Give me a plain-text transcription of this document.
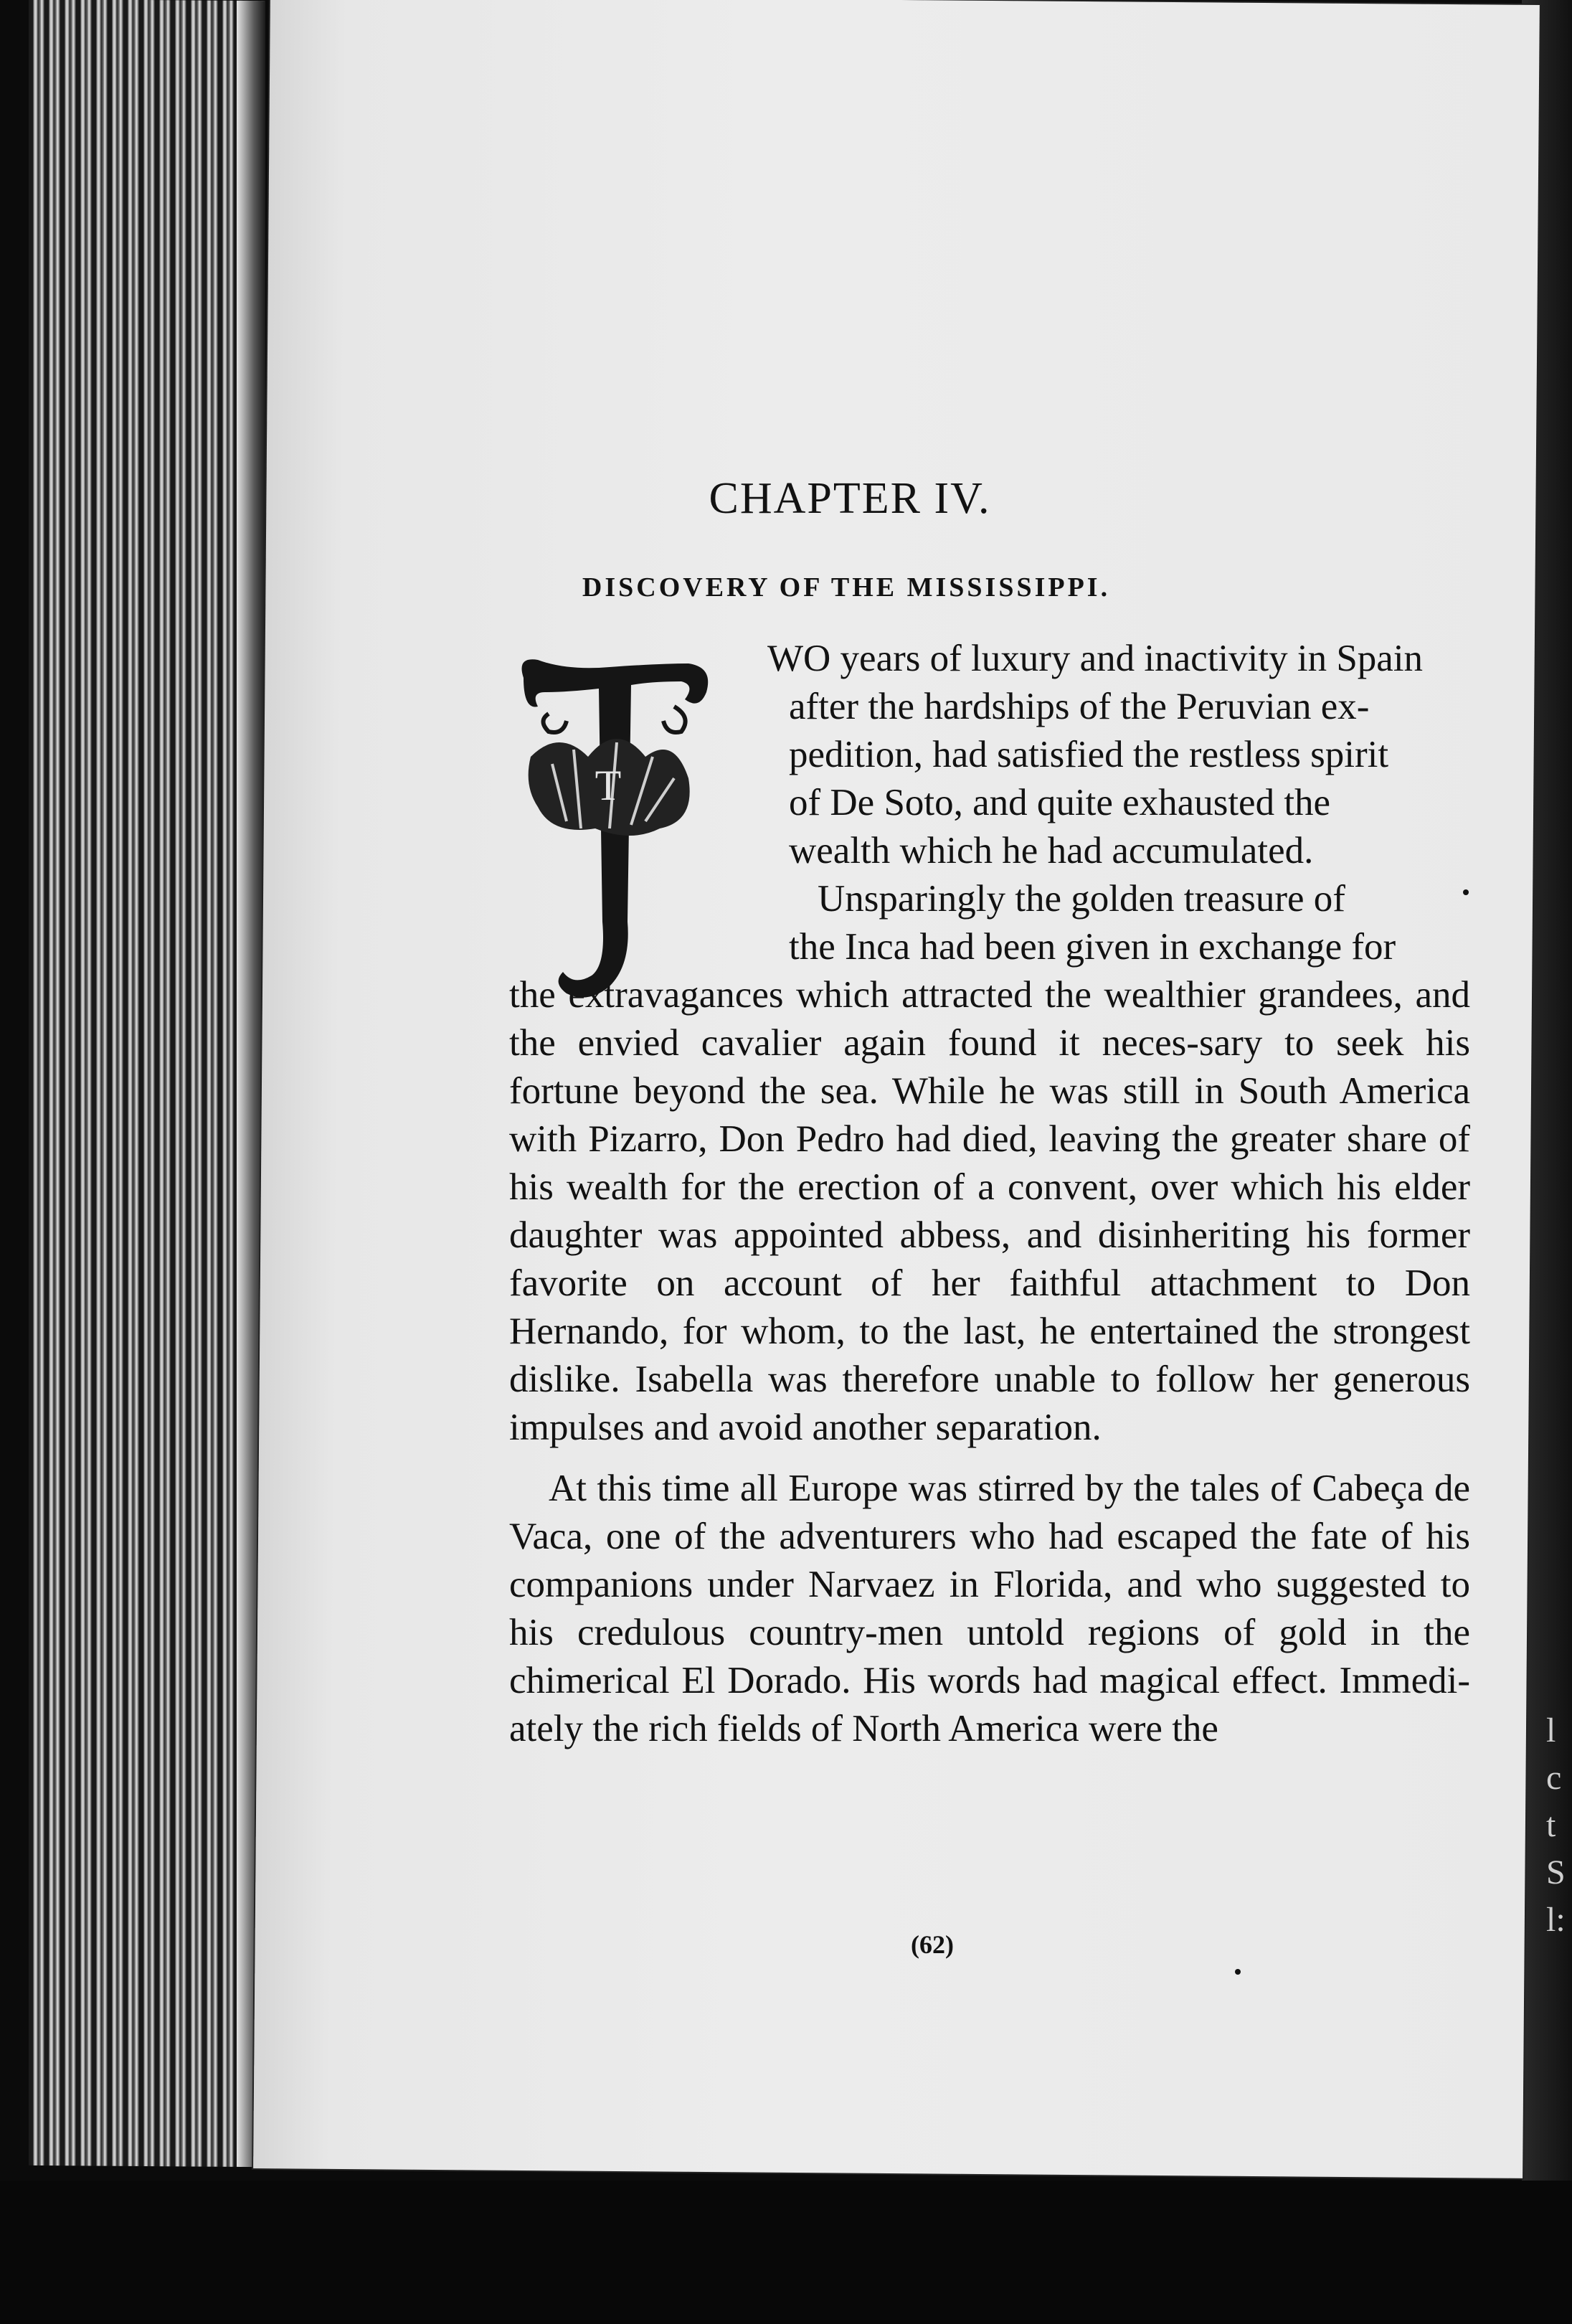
l
c
t
S
l:
CHAPTER IV.
DISCOVERY OF THE MISSISSIPPI.
T
WO years of luxury and inactivity in Spain
after the hardships of the Peruvian ex-
pedition, had satisfied the restless spirit
of De Soto, and quite exhausted the
wealth which he had accumulated.
Unsparingly the golden treasure of
the Inca had been given in exchange for

the extravagances which attracted the wealthier grandees, and the envied cavalier again found it neces-sary to seek his fortune beyond the sea. While he was still in South America with Pizarro, Don Pedro had died, leaving the greater share of his wealth for the erection of a convent, over which his elder daughter was appointed abbess, and disinheriting his former favorite on account of her faithful attachment to Don Hernando, for whom, to the last, he entertained the strongest dislike. Isabella was therefore unable to follow her generous impulses and avoid another separation.

At this time all Europe was stirred by the tales of Cabeça de Vaca, one of the adventurers who had escaped the fate of his companions under Narvaez in Florida, and who suggested to his credulous country-men untold regions of gold in the chimerical El Dorado. His words had magical effect. Immedi-ately the rich fields of North America were the

(62)
